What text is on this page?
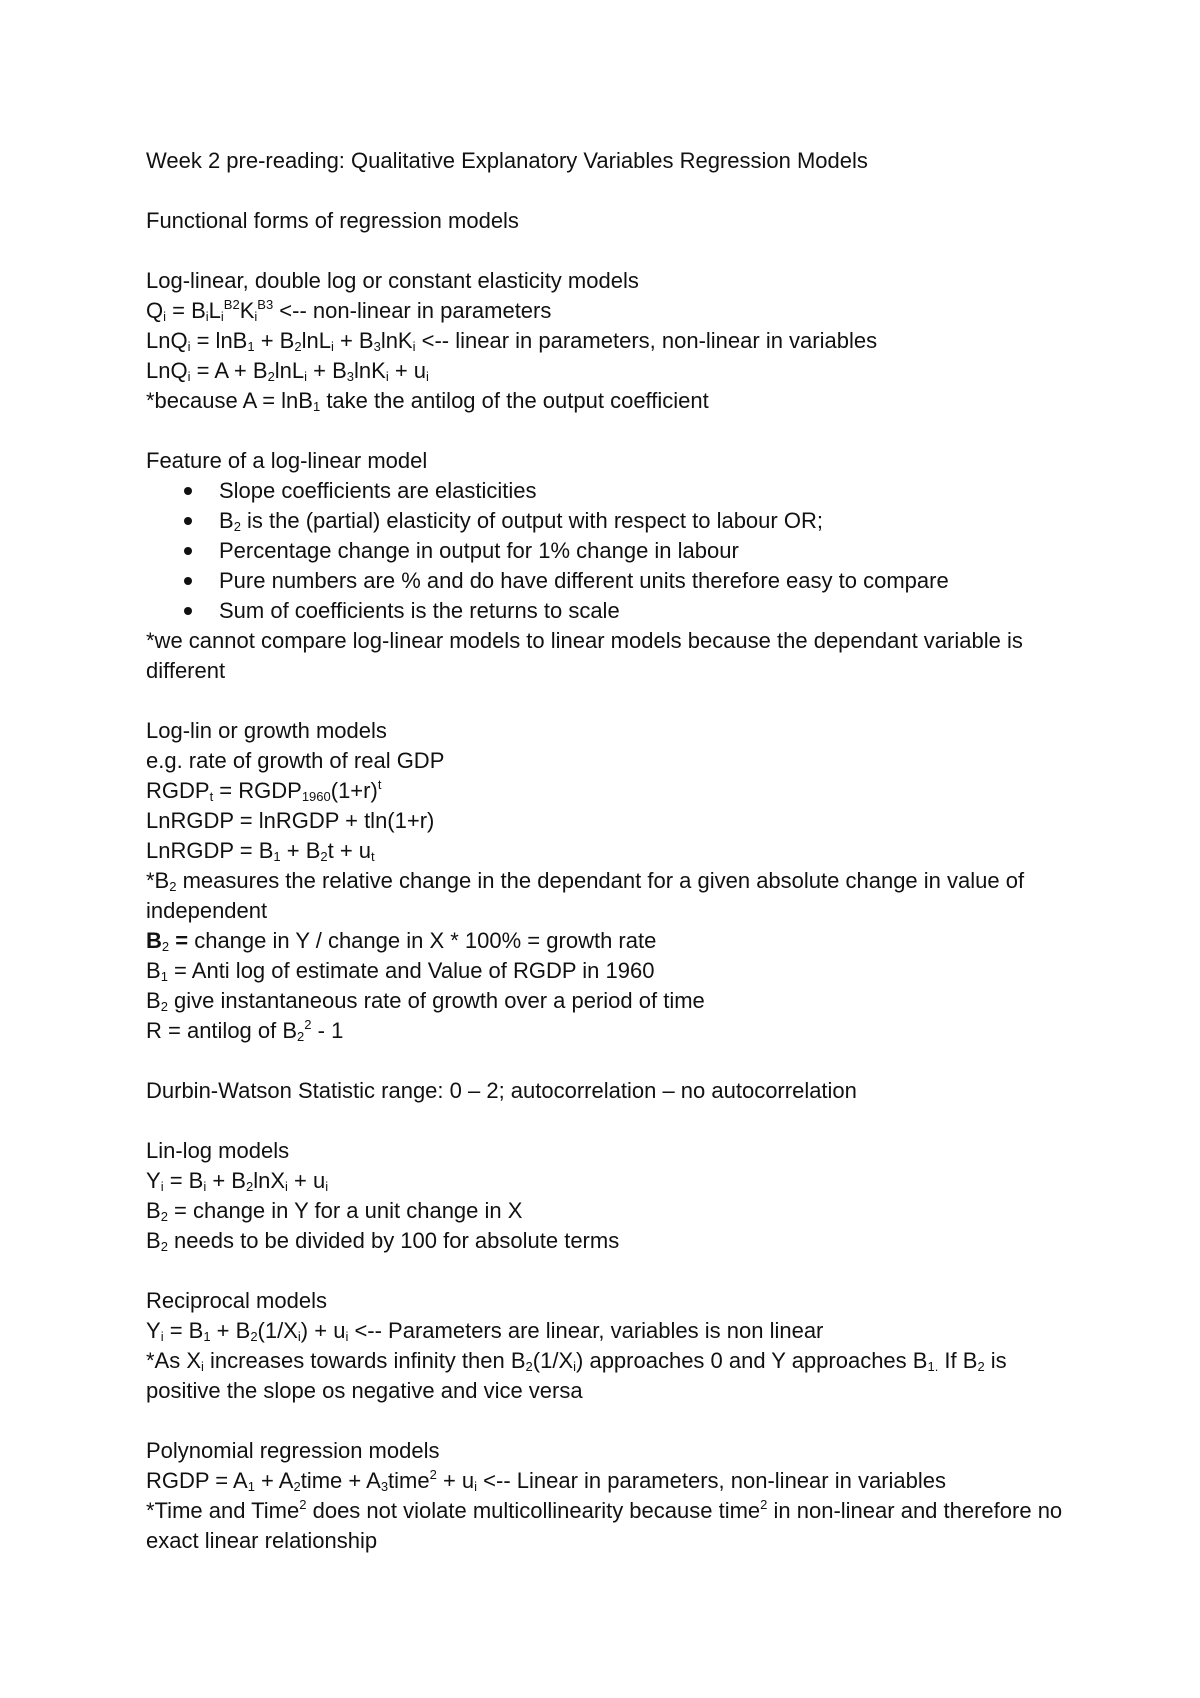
Week 2 pre-reading: Qualitative Explanatory Variables Regression Models
Functional forms of regression models
Log-linear, double log or constant elasticity models
$Q_i = B_iL_i^{B2}K_i^{B3}$ <-- non-linear in parameters
$LnQ_i = \ln B_1 + B_2\ln L_i + B_3\ln K_i$ <-- linear in parameters, non-linear in variables
$LnQ_i = A + B_2\ln L_i + B_3\ln K_i + u_i$
*because A = lnB$_1$ take the antilog of the output coefficient
Feature of a log-linear model
Slope coefficients are elasticities
$B_2$ is the (partial) elasticity of output with respect to labour OR;
Percentage change in output for 1% change in labour
Pure numbers are % and do have different units therefore easy to compare
Sum of coefficients is the returns to scale
*we cannot compare log-linear models to linear models because the dependant variable is different
Log-lin or growth models
e.g. rate of growth of real GDP
$RGDP_t$ = $RGDP_{1960}(1+r)^t$
LnRGDP = lnRGDP + tln(1+r)
LnRGDP = $B_1 + B_2t + u_t$
$*B_2$ measures the relative change in the dependant for a given absolute change in value of independent
$B_2$ = change in Y / change in X * 100% = growth rate
$B_1$ = Anti log of estimate and Value of RGDP in 1960
$B_2$ give instantaneous rate of growth over a period of time
R = antilog of $B_2^2 - 1$
Durbin-Watson Statistic range: 0 – 2; autocorrelation – no autocorrelation
Lin-log models
$Y_i = B_i + B_2\ln X_i + u_i$
$B_2$ = change in Y for a unit change in X
$B_2$ needs to be divided by 100 for absolute terms
Reciprocal models
$Y_i = B_1 + B_2(1/X_i) + u_i$ <-- Parameters are linear, variables is non linear
*As $X_i$ increases towards infinity then $B_2(1/X_i)$ approaches 0 and Y approaches $B_{1.}$ If $B_2$ is positive the slope os negative and vice versa
Polynomial regression models
RGDP = $A_1$ + $A_2time$ + $A_3time^2 + u_i$ <-- Linear in parameters, non-linear in variables
*Time and Time$^2$ does not violate multicollinearity because time$^2$ in non-linear and therefore no exact linear relationship
